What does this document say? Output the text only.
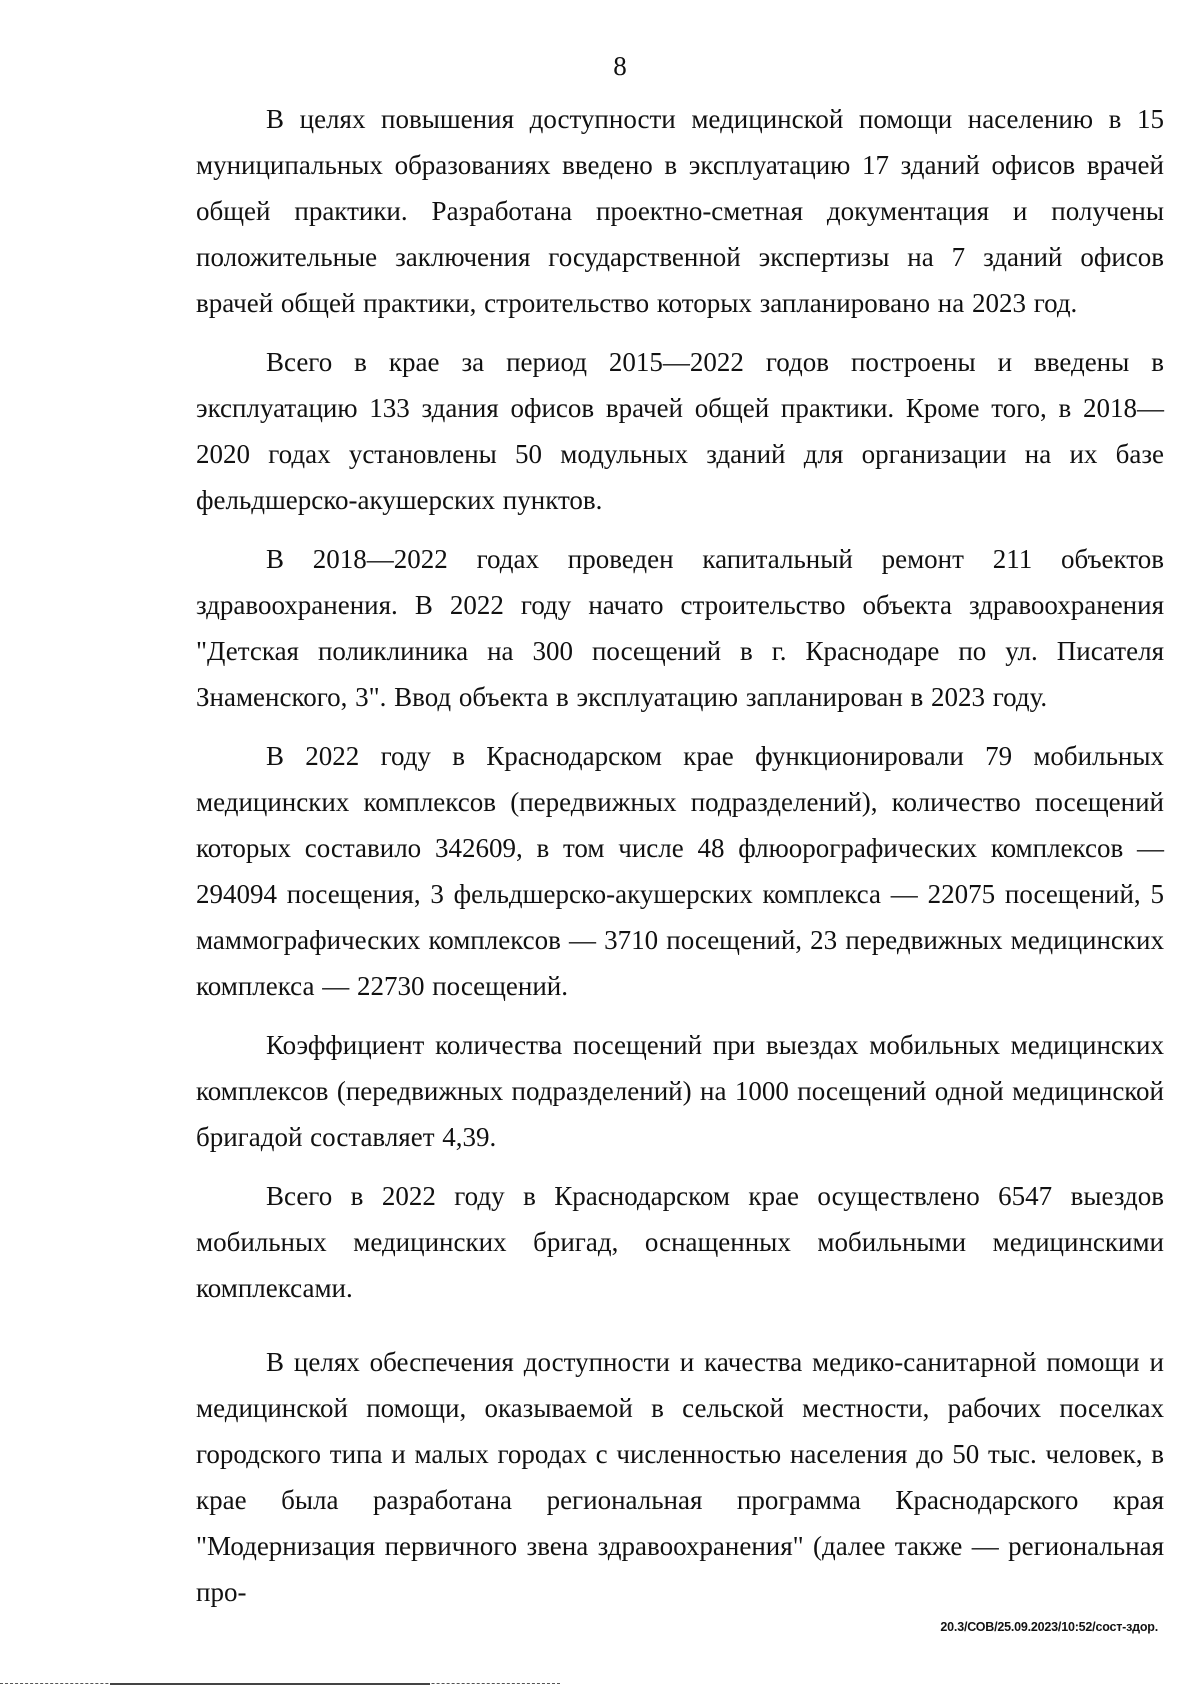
8

В целях повышения доступности медицинской помощи населению в 15 муниципальных образованиях введено в эксплуатацию 17 зданий офисов врачей общей практики. Разработана проектно-сметная документация и получены положительные заключения государственной экспертизы на 7 зданий офисов врачей общей практики, строительство которых запланировано на 2023 год.

Всего в крае за период 2015—2022 годов построены и введены в эксплуатацию 133 здания офисов врачей общей практики. Кроме того, в 2018—2020 годах установлены 50 модульных зданий для организации на их базе фельдшерско-акушерских пунктов.

В 2018—2022 годах проведен капитальный ремонт 211 объектов здравоохранения. В 2022 году начато строительство объекта здравоохранения "Детская поликлиника на 300 посещений в г. Краснодаре по ул. Писателя Знаменского, 3". Ввод объекта в эксплуатацию запланирован в 2023 году.

В 2022 году в Краснодарском крае функционировали 79 мобильных медицинских комплексов (передвижных подразделений), количество посещений которых составило 342609, в том числе 48 флюорографических комплексов — 294094 посещения, 3 фельдшерско-акушерских комплекса — 22075 посещений, 5 маммографических комплексов — 3710 посещений, 23 передвижных медицинских комплекса — 22730 посещений.

Коэффициент количества посещений при выездах мобильных медицинских комплексов (передвижных подразделений) на 1000 посещений одной медицинской бригадой составляет 4,39.

Всего в 2022 году в Краснодарском крае осуществлено 6547 выездов мобильных медицинских бригад, оснащенных мобильными медицинскими комплексами.

В целях обеспечения доступности и качества медико-санитарной помощи и медицинской помощи, оказываемой в сельской местности, рабочих поселках городского типа и малых городах с численностью населения до 50 тыс. человек, в крае была разработана региональная программа Краснодарского края "Модернизация первичного звена здравоохранения" (далее также — региональная про-

20.3/СОВ/25.09.2023/10:52/сост-здор.
